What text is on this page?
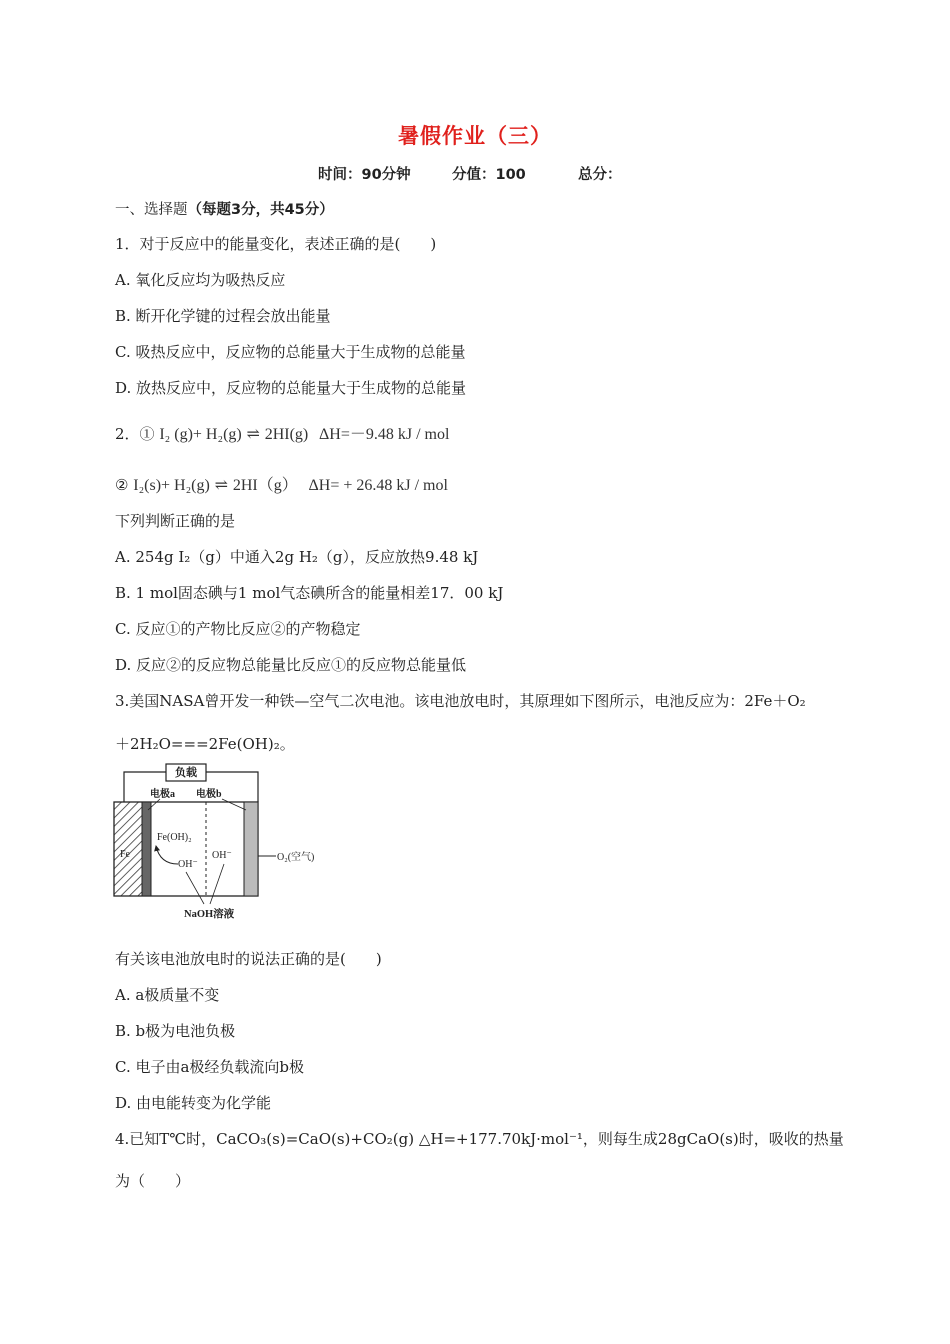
暑假作业（三）
时间：90分钟	分值：100	总分：
一、选择题（每题3分，共45分）
1．对于反应中的能量变化，表述正确的是(　　)
A. 氧化反应均为吸热反应
B. 断开化学键的过程会放出能量
C. 吸热反应中，反应物的总能量大于生成物的总能量
D. 放热反应中，反应物的总能量大于生成物的总能量
2．① I₂ (g)+ H₂(g) ⇌ 2HI(g) ΔH=－9.48 kJ / mol
② I₂(s)+ H₂(g) ⇌ 2HI（g） ΔH= + 26.48 kJ / mol
下列判断正确的是
A. 254g I₂（g）中通入2g H₂（g），反应放热9.48 kJ
B. 1 mol固态碘与1 mol气态碘所含的能量相差17．00 kJ
C. 反应①的产物比反应②的产物稳定
D. 反应②的反应物总能量比反应①的反应物总能量低
3.美国NASA曾开发一种铁—空气二次电池。该电池放电时，其原理如下图所示，电池反应为：2Fe＋O₂
＋2H₂O===2Fe(OH)₂。
负载
电极a 电极b
Fe
Fe(OH)₂
OH⁻
OH⁻	O₂(空气)
NaOH溶液
有关该电池放电时的说法正确的是(　　)
A. a极质量不变
B. b极为电池负极
C. 电子由a极经负载流向b极
D. 由电能转变为化学能
4.已知T℃时，CaCO₃(s)=CaO(s)+CO₂(g) △H=+177.70kJ·mol⁻¹，则每生成28gCaO(s)时，吸收的热量
为（　　）
